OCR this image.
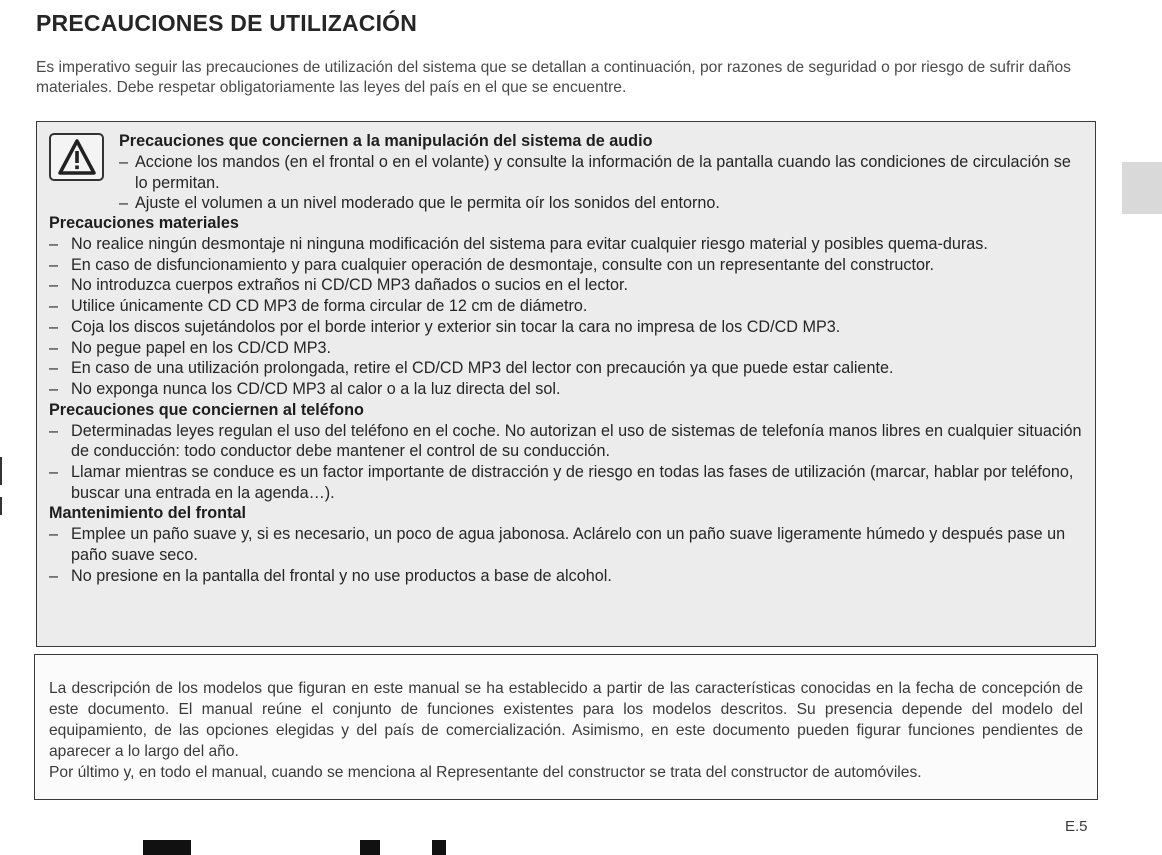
PRECAUCIONES DE UTILIZACIÓN
Es imperativo seguir las precauciones de utilización del sistema que se detallan a continuación, por razones de seguridad o por riesgo de sufrir daños materiales. Debe respetar obligatoriamente las leyes del país en el que se encuentre.
Precauciones que conciernen a la manipulación del sistema de audio
– Accione los mandos (en el frontal o en el volante) y consulte la información de la pantalla cuando las condiciones de circulación se lo permitan.
– Ajuste el volumen a un nivel moderado que le permita oír los sonidos del entorno.
Precauciones materiales
– No realice ningún desmontaje ni ninguna modificación del sistema para evitar cualquier riesgo material y posibles quema-duras.
– En caso de disfuncionamiento y para cualquier operación de desmontaje, consulte con un representante del constructor.
– No introduzca cuerpos extraños ni CD/CD MP3 dañados o sucios en el lector.
– Utilice únicamente CD CD MP3 de forma circular de 12 cm de diámetro.
– Coja los discos sujetándolos por el borde interior y exterior sin tocar la cara no impresa de los CD/CD MP3.
– No pegue papel en los CD/CD MP3.
– En caso de una utilización prolongada, retire el CD/CD MP3 del lector con precaución ya que puede estar caliente.
– No exponga nunca los CD/CD MP3 al calor o a la luz directa del sol.
Precauciones que conciernen al teléfono
– Determinadas leyes regulan el uso del teléfono en el coche. No autorizan el uso de sistemas de telefonía manos libres en cualquier situación de conducción: todo conductor debe mantener el control de su conducción.
– Llamar mientras se conduce es un factor importante de distracción y de riesgo en todas las fases de utilización (marcar, hablar por teléfono, buscar una entrada en la agenda…).
Mantenimiento del frontal
– Emplee un paño suave y, si es necesario, un poco de agua jabonosa. Aclárelo con un paño suave ligeramente húmedo y después pase un paño suave seco.
– No presione en la pantalla del frontal y no use productos a base de alcohol.

La descripción de los modelos que figuran en este manual se ha establecido a partir de las características conocidas en la fecha de concepción de este documento. El manual reúne el conjunto de funciones existentes para los modelos descritos. Su presencia depende del modelo del equipamiento, de las opciones elegidas y del país de comercialización. Asimismo, en este documento pueden figurar funciones pendientes de aparecer a lo largo del año.
Por último y, en todo el manual, cuando se menciona al Representante del constructor se trata del constructor de automóviles.

E.5
